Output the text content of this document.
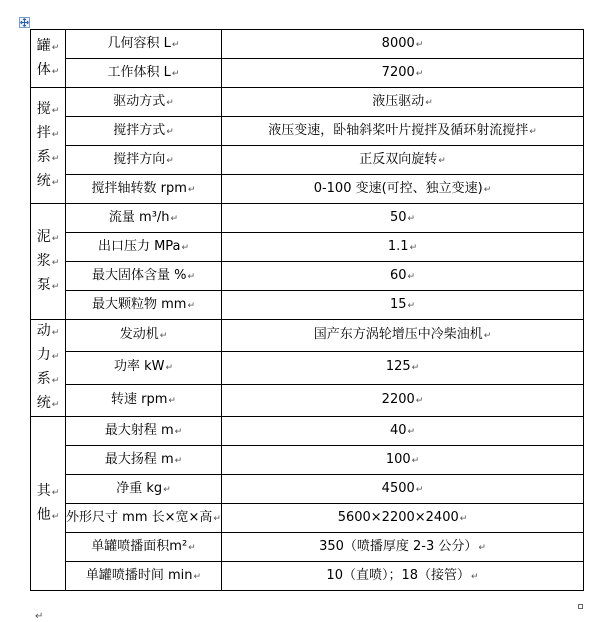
罐↵
体↵	几何容积 L↵	8000↵
	工作体积 L↵	7200↵

搅↵
拌↵
系↵
统↵	驱动方式↵	液压驱动↵
	搅拌方式↵	液压变速，卧轴斜桨叶片搅拌及循环射流搅拌↵
	搅拌方向↵	正反双向旋转↵
	搅拌轴转数 rpm↵	0-100 变速(可控、独立变速)↵

泥↵
浆↵
泵↵	流量 m³/h↵	50↵
	出口压力 MPa↵	1.1↵
	最大固体含量 %↵	60↵
	最大颗粒物 mm↵	15↵

动↵
力↵
系↵
统↵	发动机↵	国产东方涡轮增压中冷柴油机↵
	功率 kW↵	125↵
	转速 rpm↵	2200↵

其↵
他↵	最大射程 m↵	40↵
	最大扬程 m↵	100↵
	净重 kg↵	4500↵
	外形尺寸 mm 长×宽×高↵	5600×2200×2400↵
	单罐喷播面积m²↵	350（喷播厚度 2-3 公分）↵
	单罐喷播时间 min↵	10（直喷）；18（接管）↵
↵
